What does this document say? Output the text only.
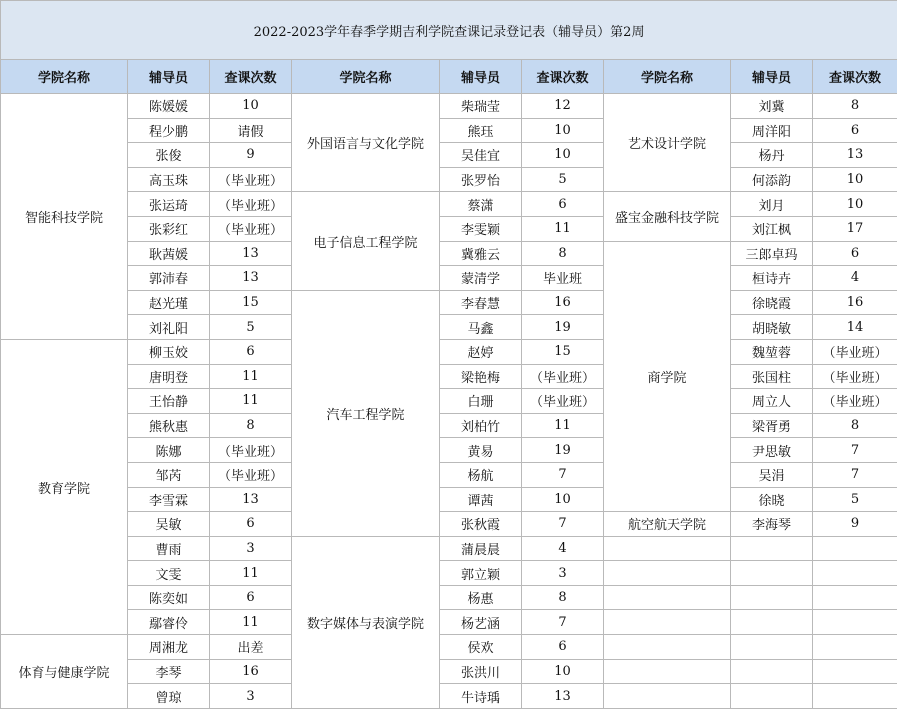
2022-2023学年春季学期吉利学院查课记录登记表（辅导员）第2周								
学院名称	辅导员	查课次数	学院名称	辅导员	查课次数	学院名称	辅导员	查课次数
智能科技学院	陈媛媛	10	外国语言与文化学院	柴瑞莹	12	艺术设计学院	刘冀	8
	程少鹏	请假		熊珏	10		周洋阳	6
	张俊	9		吴佳宜	10		杨丹	13
	高玉珠	（毕业班）		张罗怡	5		何添韵	10
	张运琦	（毕业班）	电子信息工程学院	蔡潇	6	盛宝金融科技学院	刘月	10
	张彩红	（毕业班）		李雯颖	11		刘江枫	17
	耿茜媛	13		冀雅云	8	商学院	三郎卓玛	6
	郭沛春	13		蒙清学	毕业班		桓诗卉	4
	赵光瑾	15	汽车工程学院	李春慧	16		徐晓霞	16
	刘礼阳	5		马鑫	19		胡晓敏	14
教育学院	柳玉姣	6		赵婷	15		魏堃蓉	（毕业班）
	唐明登	11		梁艳梅	（毕业班）		张国柱	（毕业班）
	王怡静	11		白珊	（毕业班）		周立人	（毕业班）
	熊秋惠	8		刘柏竹	11		梁胥勇	8
	陈娜	（毕业班）		黄易	19		尹思敏	7
	邹芮	（毕业班）		杨航	7		吴涓	7
	李雪霖	13		谭茜	10		徐晓	5
	吴敏	6		张秋霞	7	航空航天学院	李海琴	9
	曹雨	3	数字媒体与表演学院	蒲晨晨	4			
	文雯	11		郭立颖	3			
	陈奕如	6		杨惠	8			
	鄢睿伶	11		杨艺涵	7			
体育与健康学院	周湘龙	出差		侯欢	6			
	李琴	16		张洪川	10			
	曾琼	3		牛诗瑀	13			
